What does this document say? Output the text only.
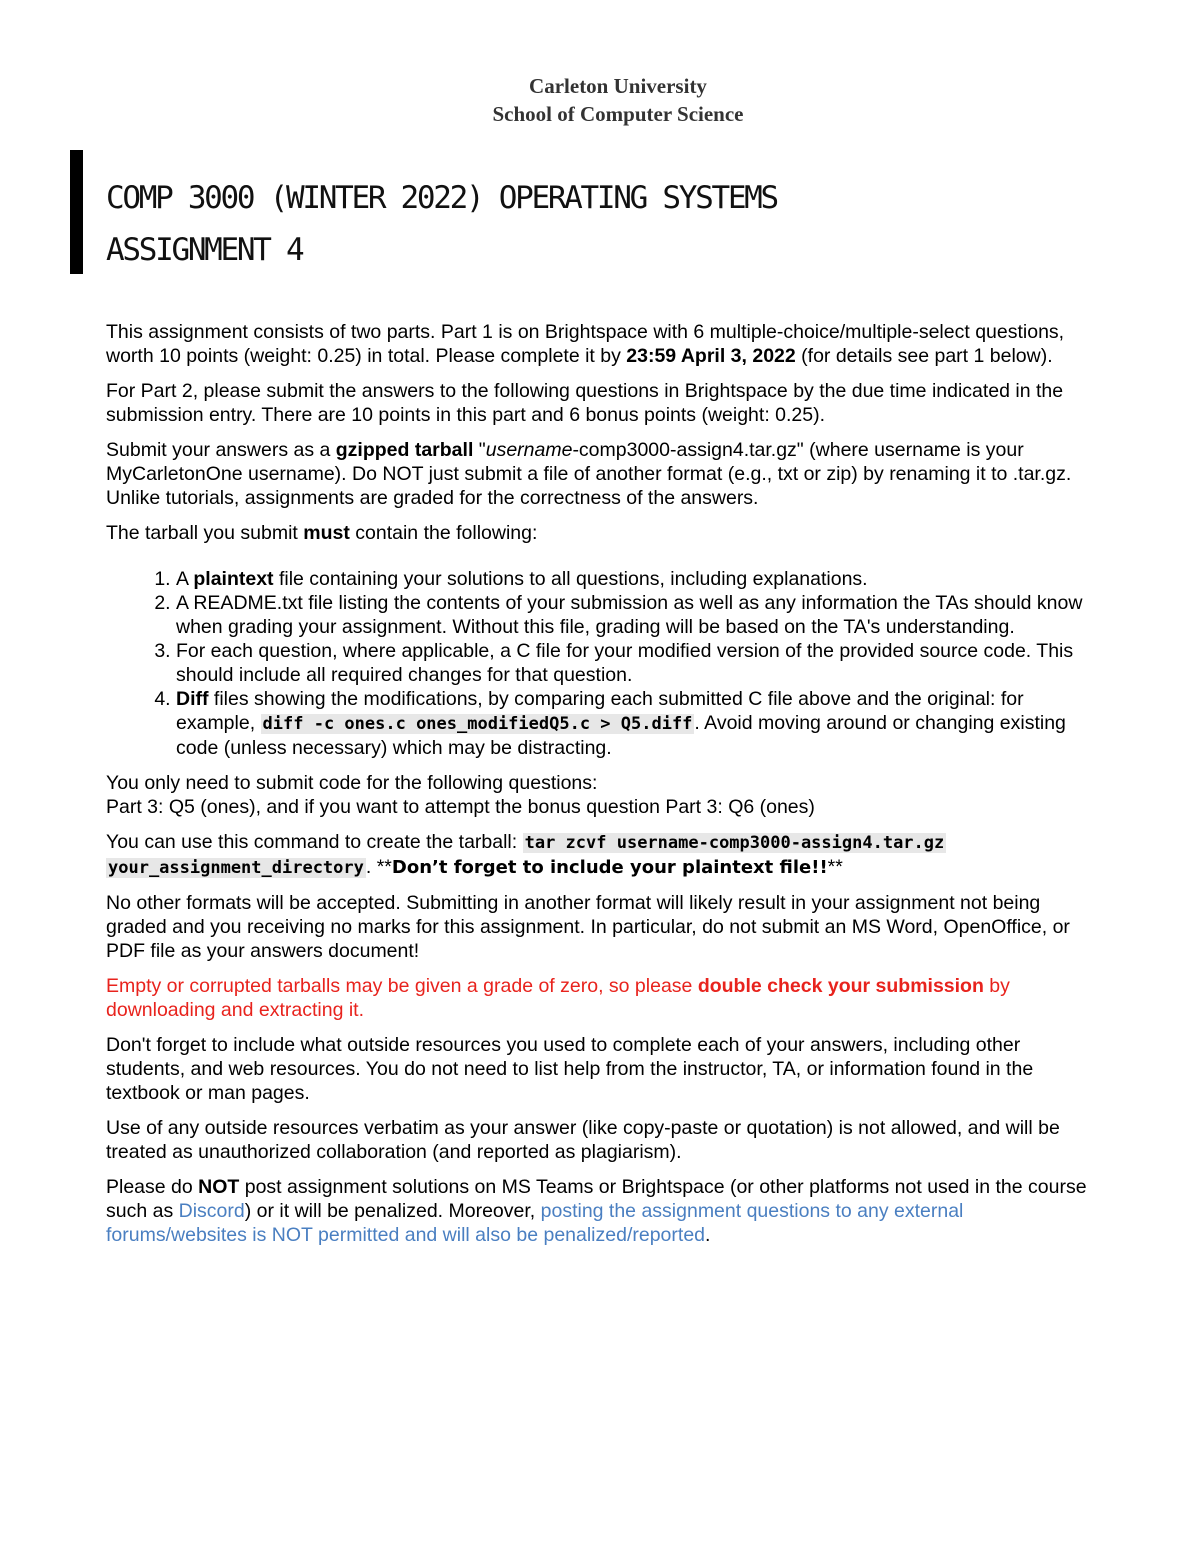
Carleton University
School of Computer Science
COMP 3000 (WINTER 2022) OPERATING SYSTEMS
ASSIGNMENT 4

This assignment consists of two parts. Part 1 is on Brightspace with 6 multiple-choice/multiple-select questions, worth 10 points (weight: 0.25) in total. Please complete it by 23:59 April 3, 2022 (for details see part 1 below).

For Part 2, please submit the answers to the following questions in Brightspace by the due time indicated in the submission entry. There are 10 points in this part and 6 bonus points (weight: 0.25).

Submit your answers as a gzipped tarball "username-comp3000-assign4.tar.gz" (where username is your MyCarletonOne username). Do NOT just submit a file of another format (e.g., txt or zip) by renaming it to .tar.gz. Unlike tutorials, assignments are graded for the correctness of the answers.

The tarball you submit must contain the following:

1. A plaintext file containing your solutions to all questions, including explanations.
2. A README.txt file listing the contents of your submission as well as any information the TAs should know when grading your assignment. Without this file, grading will be based on the TA's understanding.
3. For each question, where applicable, a C file for your modified version of the provided source code. This should include all required changes for that question.
4. Diff files showing the modifications, by comparing each submitted C file above and the original: for example, diff -c ones.c ones_modifiedQ5.c > Q5.diff . Avoid moving around or changing existing code (unless necessary) which may be distracting.

You only need to submit code for the following questions:
Part 3: Q5 (ones), and if you want to attempt the bonus question Part 3: Q6 (ones)

You can use this command to create the tarball: tar zcvf username-comp3000-assign4.tar.gz
your_assignment_directory . **Don’t forget to include your plaintext file!!**

No other formats will be accepted. Submitting in another format will likely result in your assignment not being graded and you receiving no marks for this assignment. In particular, do not submit an MS Word, OpenOffice, or PDF file as your answers document!

Empty or corrupted tarballs may be given a grade of zero, so please double check your submission by downloading and extracting it.

Don't forget to include what outside resources you used to complete each of your answers, including other students, and web resources. You do not need to list help from the instructor, TA, or information found in the textbook or man pages.

Use of any outside resources verbatim as your answer (like copy-paste or quotation) is not allowed, and will be treated as unauthorized collaboration (and reported as plagiarism).

Please do NOT post assignment solutions on MS Teams or Brightspace (or other platforms not used in the course such as Discord) or it will be penalized. Moreover, posting the assignment questions to any external forums/websites is NOT permitted and will also be penalized/reported.
